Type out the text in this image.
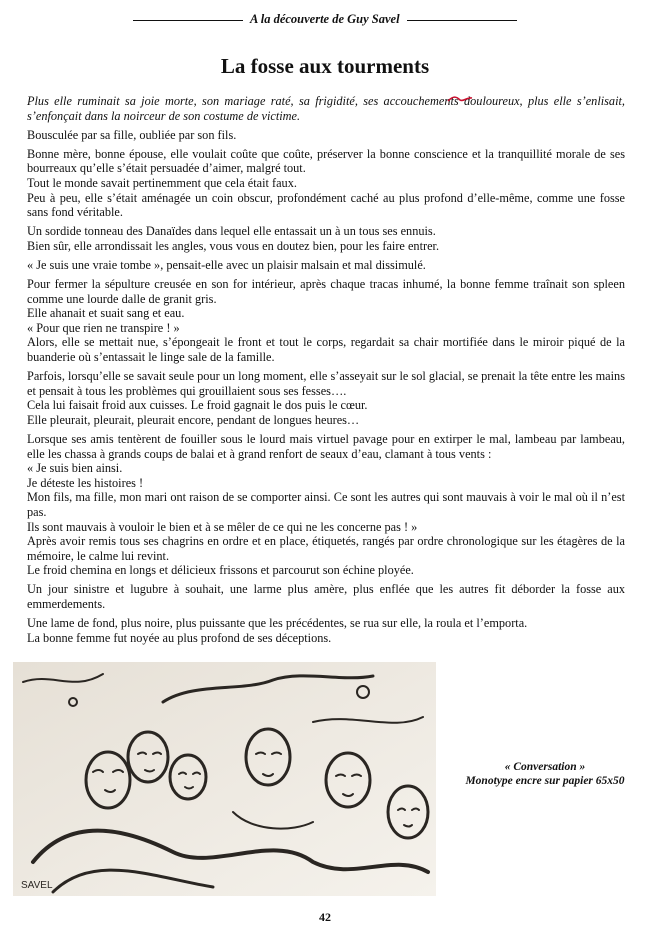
A la découverte de Guy Savel
La fosse aux tourments

Plus elle ruminait sa joie morte, son mariage raté, sa frigidité, ses accouchements douloureux, plus elle s’enlisait, s’enfonçait dans la noirceur de son costume de victime.

Bousculée par sa fille, oubliée par son fils.

Bonne mère, bonne épouse, elle voulait coûte que coûte, préserver la bonne conscience et la tranquillité morale de ses bourreaux qu’elle s’était persuadée d’aimer, malgré tout.
Tout le monde savait pertinemment que cela était faux.
Peu à peu, elle s’était aménagée un coin obscur, profondément caché au plus profond d’elle-même, comme une fosse sans fond véritable.

Un sordide tonneau des Danaïdes dans lequel elle entassait un à un tous ses ennuis.
Bien sûr, elle arrondissait les angles, vous vous en doutez bien, pour les faire entrer.

« Je suis une vraie tombe », pensait-elle avec un plaisir malsain et mal dissimulé.

Pour fermer la sépulture creusée en son for intérieur, après chaque tracas inhumé, la bonne femme traînait son spleen comme une lourde dalle de granit gris.
Elle ahanait et suait sang et eau.
« Pour que rien ne transpire ! »
Alors, elle se mettait nue, s’épongeait le front et tout le corps, regardait sa chair mortifiée dans le miroir piqué de la buanderie où s’entassait le linge sale de la famille.

Parfois, lorsqu’elle se savait seule pour un long moment, elle s’asseyait sur le sol glacial, se prenait la tête entre les mains et pensait à tous les problèmes qui grouillaient sous ses fesses….
Cela lui faisait froid aux cuisses. Le froid gagnait le dos puis le cœur.
Elle pleurait, pleurait, pleurait encore, pendant de longues heures…

Lorsque ses amis tentèrent de fouiller sous le lourd mais virtuel pavage pour en extirper le mal, lambeau par lambeau, elle les chassa à grands coups de balai et à grand renfort de seaux d’eau, clamant à tous vents :
« Je suis bien ainsi.
Je déteste les histoires !
Mon fils, ma fille, mon mari ont raison de se comporter ainsi. Ce sont les autres qui sont mauvais à voir le mal où il n’est pas.
Ils sont mauvais à vouloir le bien et à se mêler de ce qui ne les concerne pas ! »
Après avoir remis tous ses chagrins en ordre et en place, étiquetés, rangés par ordre chronologique sur les étagères de la mémoire, le calme lui revint.
Le froid chemina en longs et délicieux frissons et parcourut son échine ployée.

Un jour sinistre et lugubre à souhait, une larme plus amère, plus enflée que les autres fit déborder la fosse aux emmerdements.

Une lame de fond, plus noire, plus puissante que les précédentes, se rua sur elle, la roula et l’emporta.
La bonne femme fut noyée au plus profond de ses déceptions.

SAVEL
« Conversation »
Monotype encre sur papier 65x50
42
